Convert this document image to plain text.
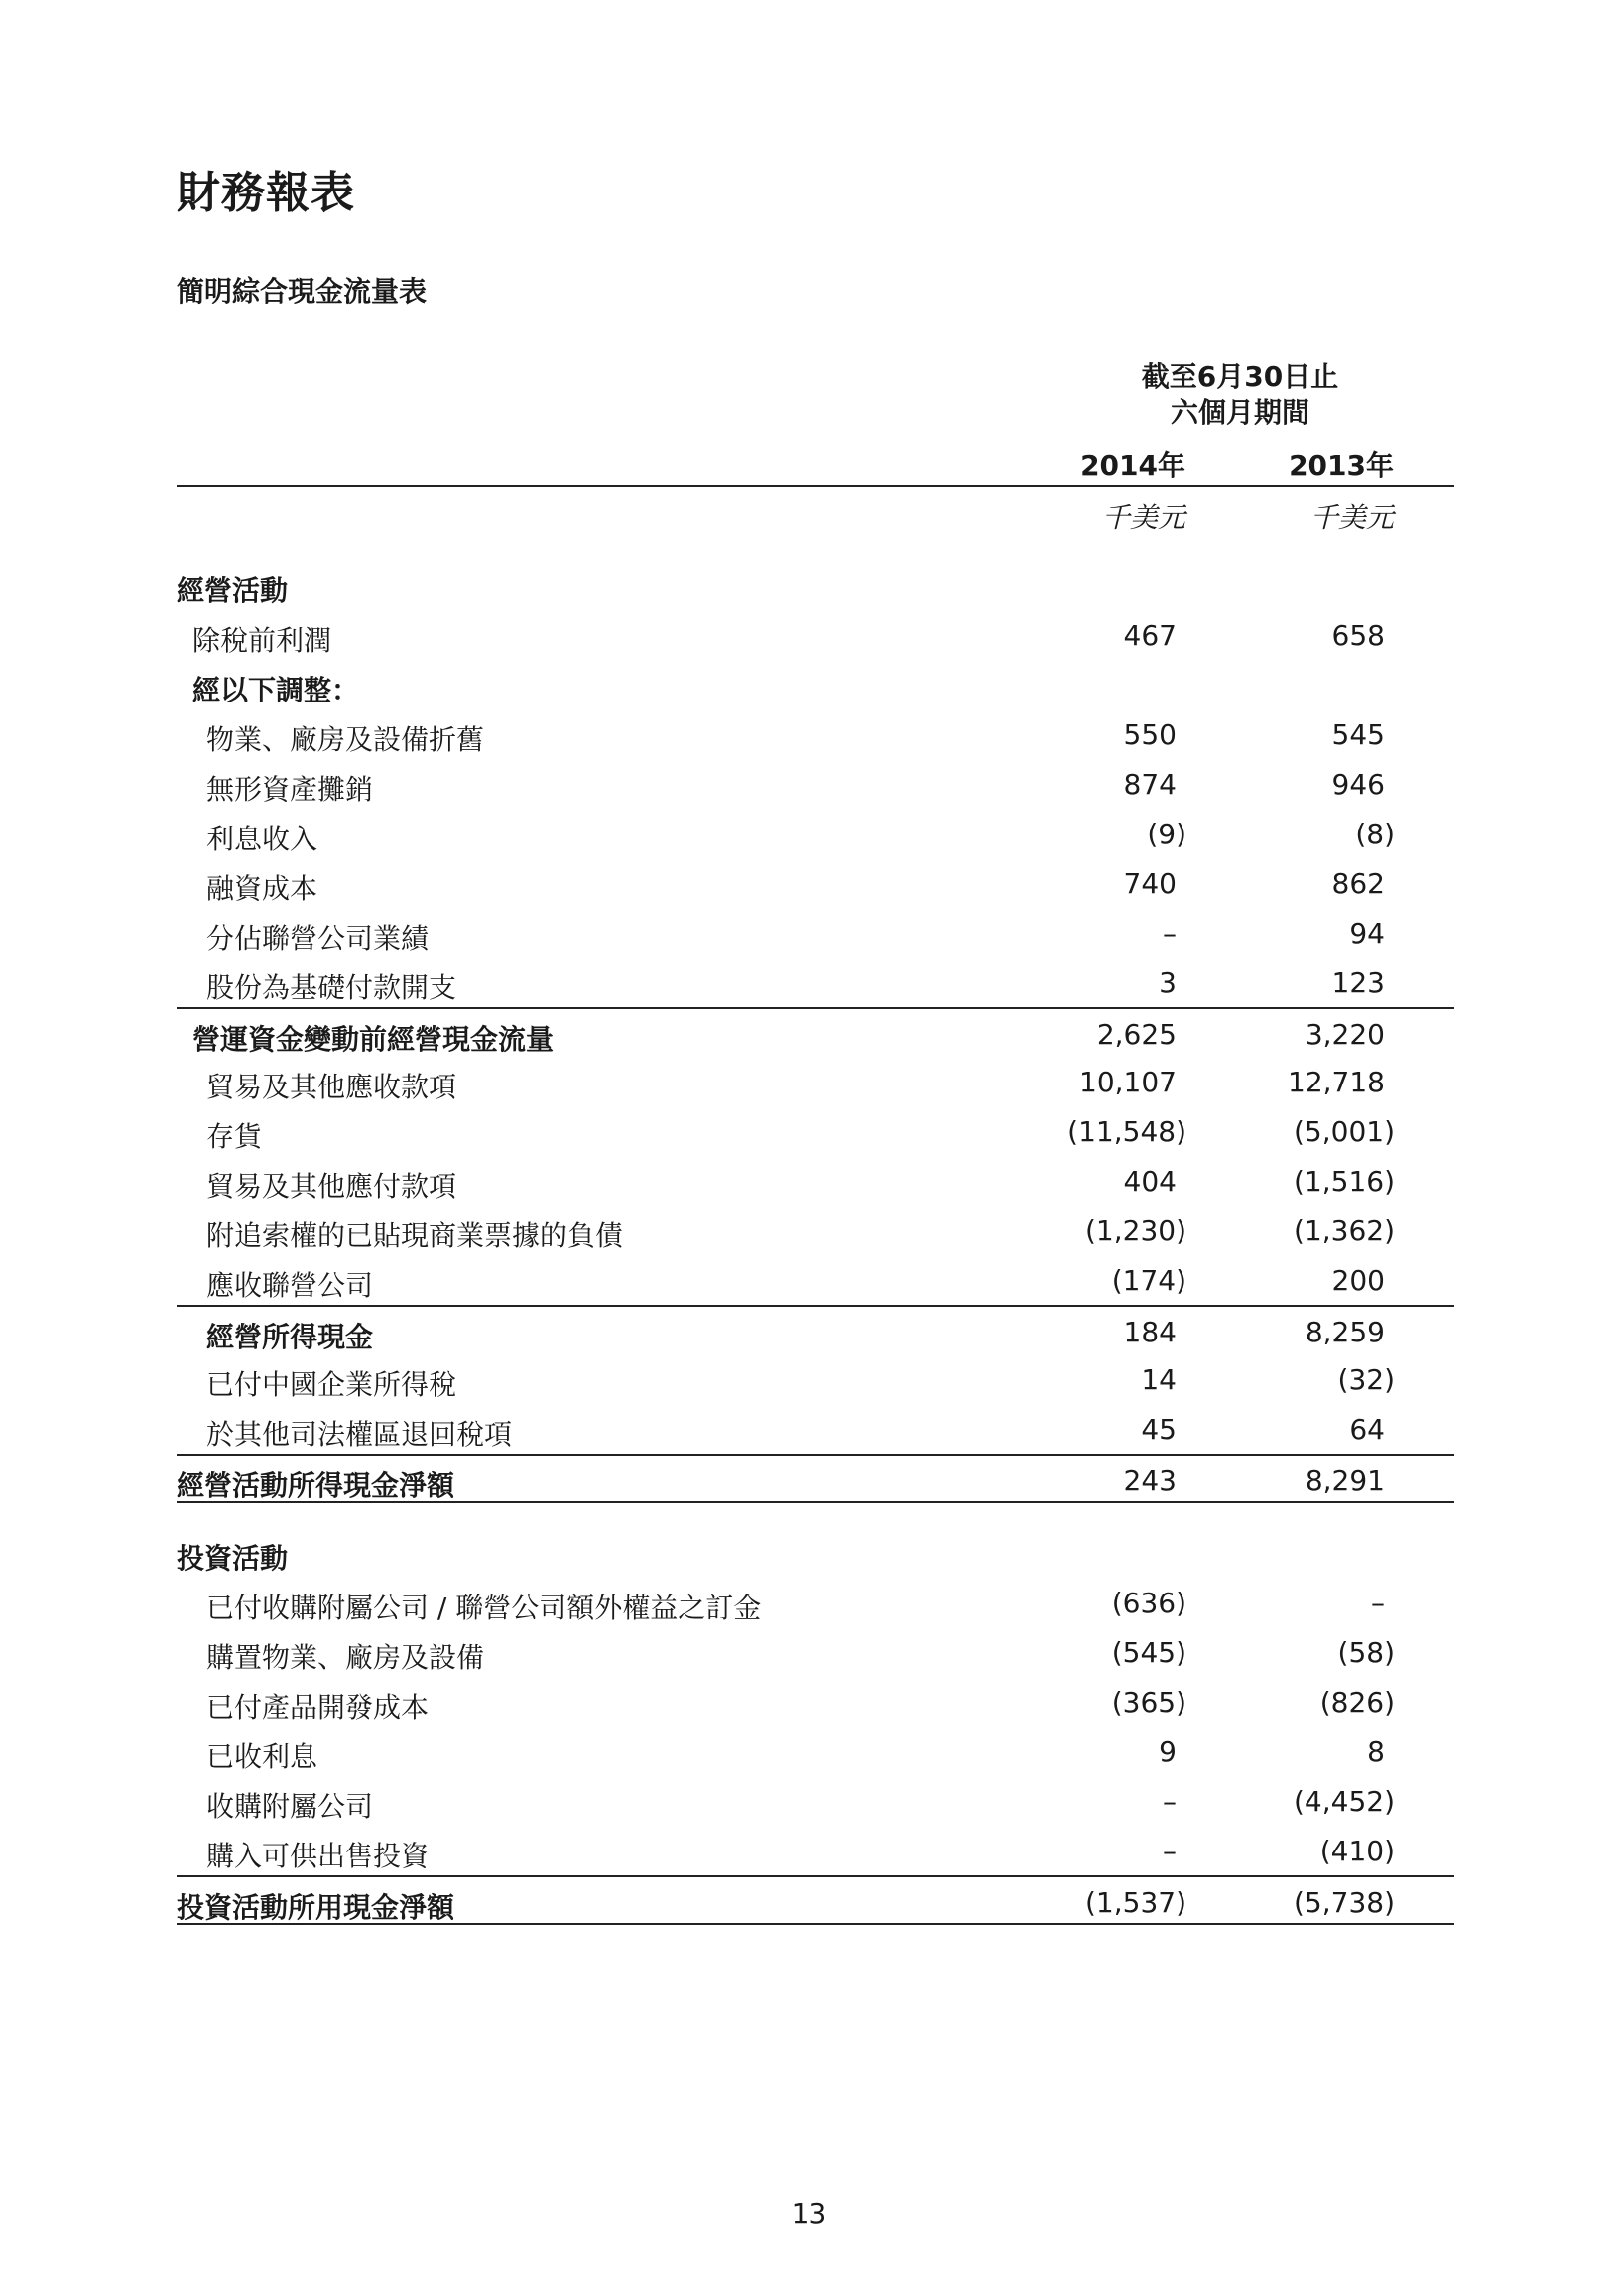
財務報表
簡明綜合現金流量表
截至6月30日止
六個月期間
2014年	2013年
千美元	千美元
經營活動
除稅前利潤	467	658
經以下調整：
物業、廠房及設備折舊	550	545
無形資產攤銷	874	946
利息收入	(9)	(8)
融資成本	740	862
分佔聯營公司業績	–	94
股份為基礎付款開支	3	123
營運資金變動前經營現金流量	2,625	3,220
貿易及其他應收款項	10,107	12,718
存貨	(11,548)	(5,001)
貿易及其他應付款項	404	(1,516)
附追索權的已貼現商業票據的負債	(1,230)	(1,362)
應收聯營公司	(174)	200
經營所得現金	184	8,259
已付中國企業所得稅	14	(32)
於其他司法權區退回稅項	45	64
經營活動所得現金淨額	243	8,291
投資活動
已付收購附屬公司 / 聯營公司額外權益之訂金	(636)	–
購置物業、廠房及設備	(545)	(58)
已付產品開發成本	(365)	(826)
已收利息	9	8
收購附屬公司	–	(4,452)
購入可供出售投資	–	(410)
投資活動所用現金淨額	(1,537)	(5,738)
13
